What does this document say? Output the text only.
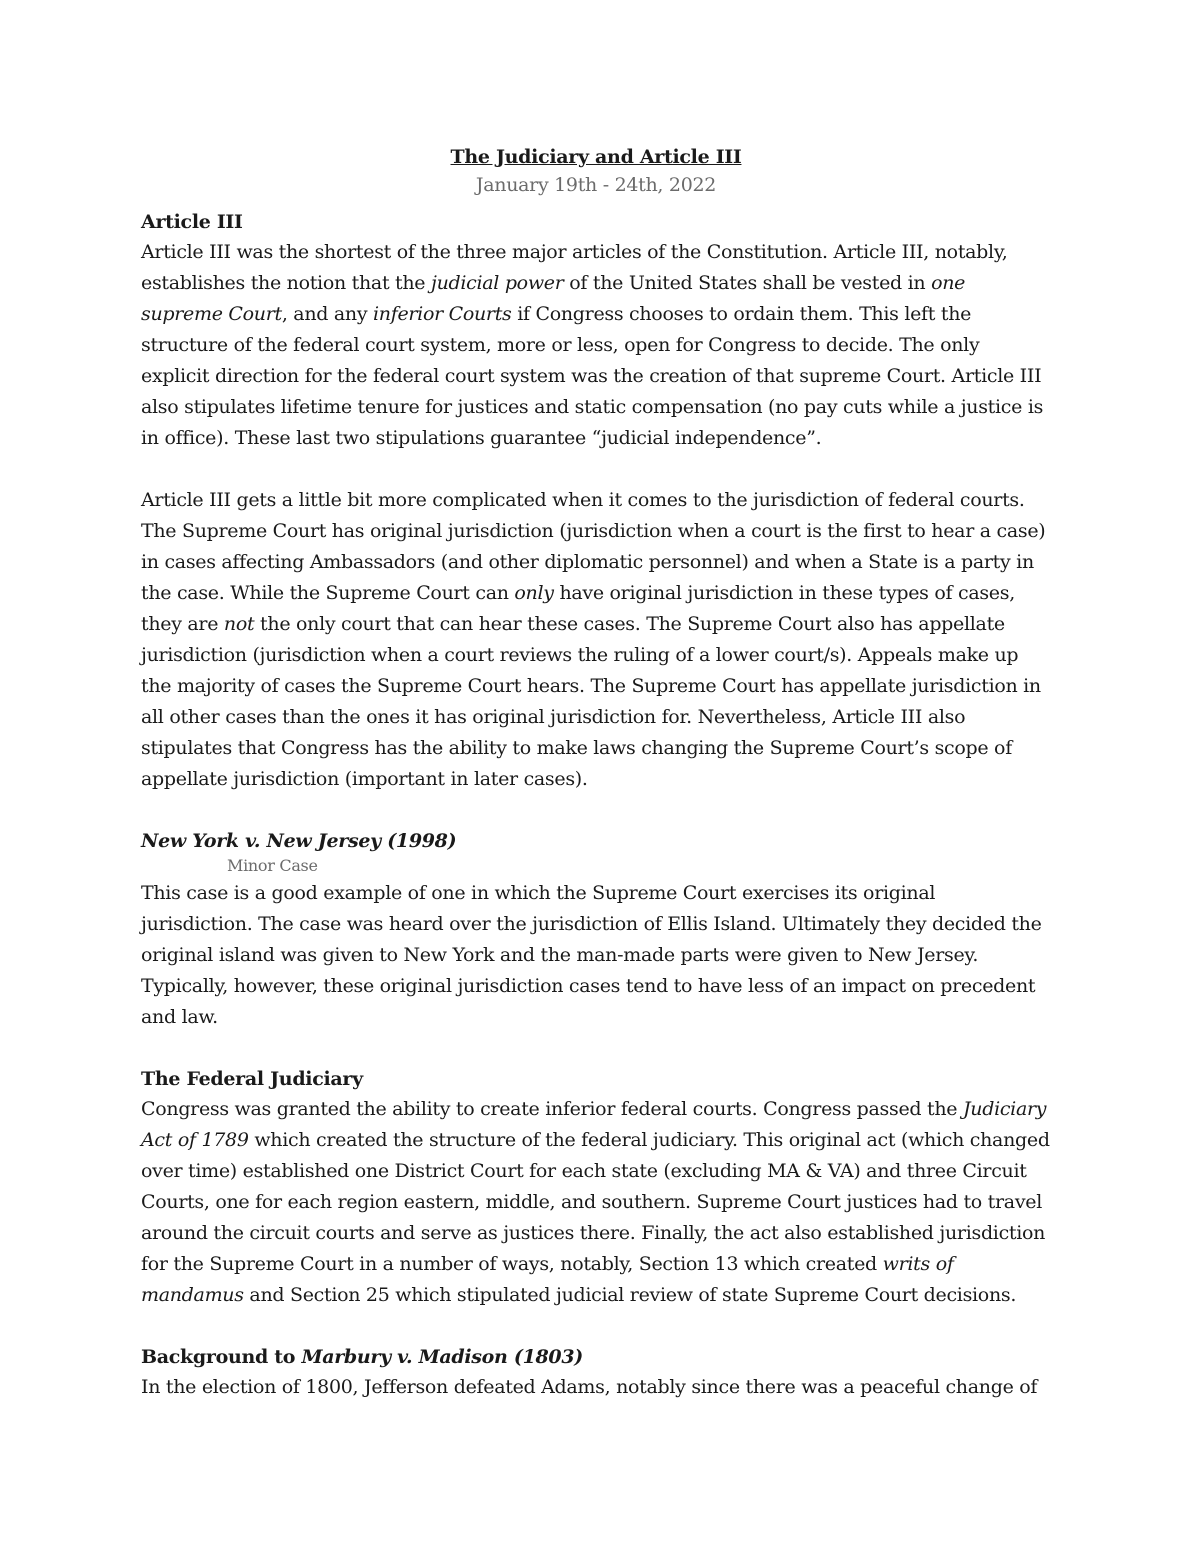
The Judiciary and Article III

January 19th - 24th, 2022

Article III

Article III was the shortest of the three major articles of the Constitution. Article III, notably, establishes the notion that the judicial power of the United States shall be vested in one supreme Court, and any inferior Courts if Congress chooses to ordain them. This left the structure of the federal court system, more or less, open for Congress to decide. The only explicit direction for the federal court system was the creation of that supreme Court. Article III also stipulates lifetime tenure for justices and static compensation (no pay cuts while a justice is in office). These last two stipulations guarantee “judicial independence”.

Article III gets a little bit more complicated when it comes to the jurisdiction of federal courts. The Supreme Court has original jurisdiction (jurisdiction when a court is the first to hear a case) in cases affecting Ambassadors (and other diplomatic personnel) and when a State is a party in the case. While the Supreme Court can only have original jurisdiction in these types of cases, they are not the only court that can hear these cases. The Supreme Court also has appellate jurisdiction (jurisdiction when a court reviews the ruling of a lower court/s). Appeals make up the majority of cases the Supreme Court hears. The Supreme Court has appellate jurisdiction in all other cases than the ones it has original jurisdiction for. Nevertheless, Article III also stipulates that Congress has the ability to make laws changing the Supreme Court’s scope of appellate jurisdiction (important in later cases).

New York v. New Jersey (1998)

Minor Case

This case is a good example of one in which the Supreme Court exercises its original jurisdiction. The case was heard over the jurisdiction of Ellis Island. Ultimately they decided the original island was given to New York and the man-made parts were given to New Jersey. Typically, however, these original jurisdiction cases tend to have less of an impact on precedent and law.

The Federal Judiciary

Congress was granted the ability to create inferior federal courts. Congress passed the Judiciary Act of 1789 which created the structure of the federal judiciary. This original act (which changed over time) established one District Court for each state (excluding MA & VA) and three Circuit Courts, one for each region eastern, middle, and southern. Supreme Court justices had to travel around the circuit courts and serve as justices there. Finally, the act also established jurisdiction for the Supreme Court in a number of ways, notably, Section 13 which created writs of mandamus and Section 25 which stipulated judicial review of state Supreme Court decisions.

Background to Marbury v. Madison (1803)

In the election of 1800, Jefferson defeated Adams, notably since there was a peaceful change of
